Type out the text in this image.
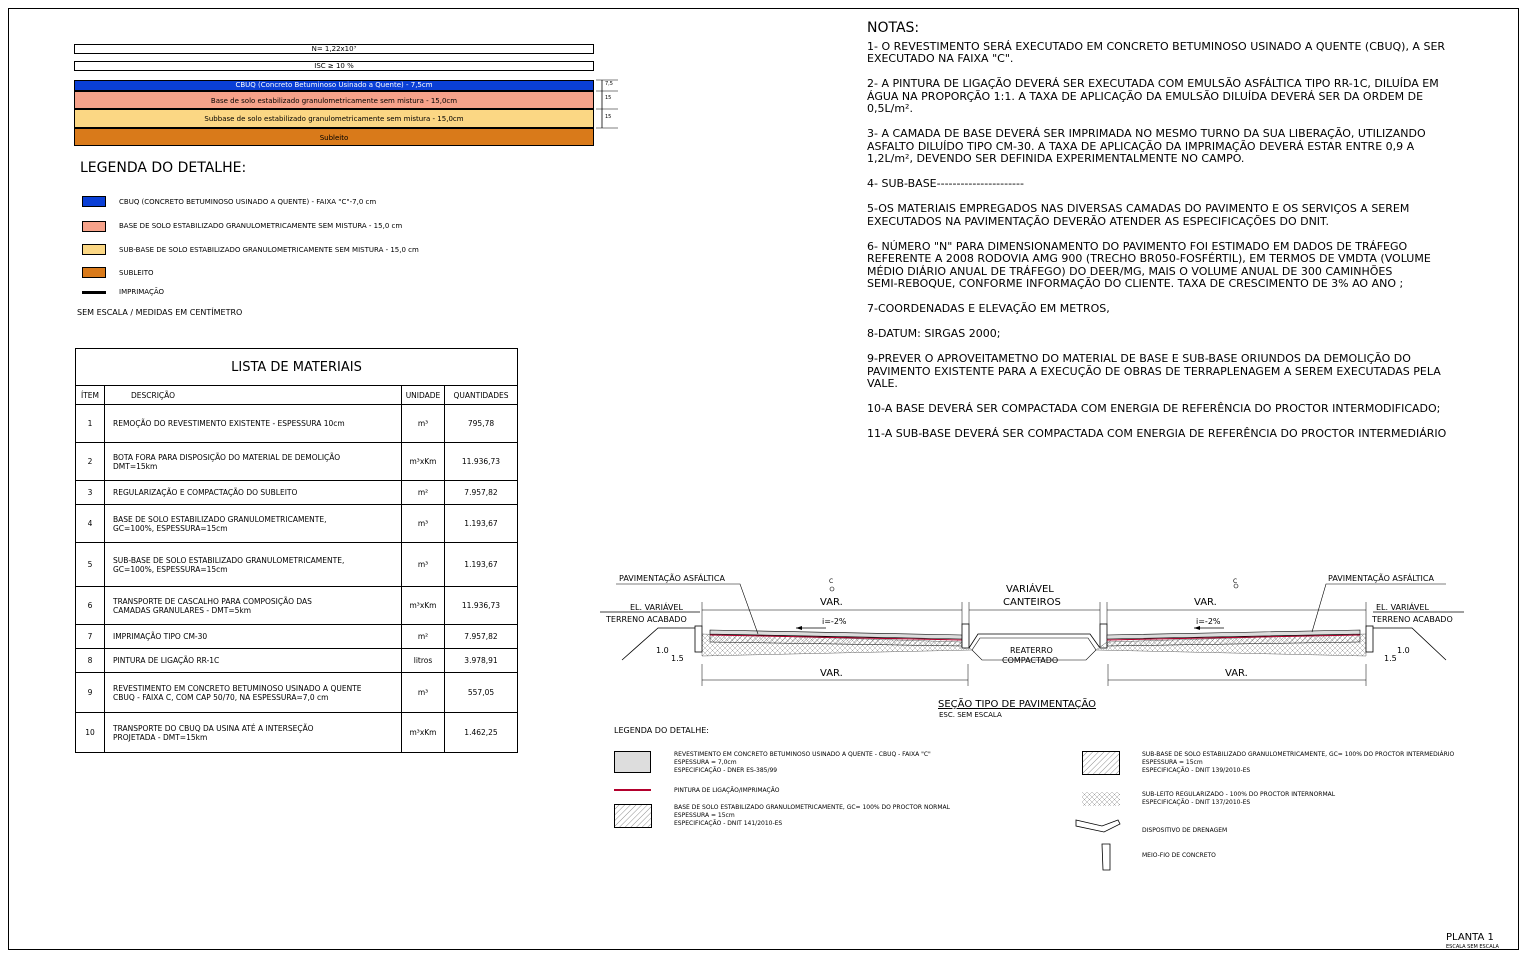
N= 1,22x10⁷
ISC ≥ 10 %
CBUQ (Concreto Betuminoso Usinado a Quente) - 7,5cm
Base de solo estabilizado granulometricamente sem mistura - 15,0cm
Subbase de solo estabilizado granulometricamente sem mistura - 15,0cm
Subleito
7,5
15
15
LEGENDA DO DETALHE:
CBUQ (CONCRETO BETUMINOSO USINADO A QUENTE) - FAIXA "C"-7,0 cm
BASE DE SOLO ESTABILIZADO GRANULOMETRICAMENTE SEM MISTURA - 15,0 cm
SUB-BASE DE SOLO ESTABILIZADO GRANULOMETRICAMENTE SEM MISTURA - 15,0 cm
SUBLEITO
IMPRIMAÇÃO
SEM ESCALA / MEDIDAS EM CENTÍMETRO
LISTA DE MATERIAIS			
ÍTEM	DESCRIÇÃO	UNIDADE	QUANTIDADES
1	REMOÇÃO DO REVESTIMENTO EXISTENTE - ESPESSURA 10cm	m³	795,78
2	BOTA FORA PARA DISPOSIÇÃO DO MATERIAL DE DEMOLIÇÃO
DMT=15km	m³xKm	11.936,73
3	REGULARIZAÇÃO E COMPACTAÇÃO DO SUBLEITO	m²	7.957,82
4	BASE DE SOLO ESTABILIZADO GRANULOMETRICAMENTE,
GC=100%, ESPESSURA=15cm	m³	1.193,67
5	SUB-BASE DE SOLO ESTABILIZADO GRANULOMETRICAMENTE,
GC=100%, ESPESSURA=15cm	m³	1.193,67
6	TRANSPORTE DE CASCALHO PARA COMPOSIÇÃO DAS
CAMADAS GRANULARES - DMT=5km	m³xKm	11.936,73
7	IMPRIMAÇÃO TIPO CM-30	m²	7.957,82
8	PINTURA DE LIGAÇÃO RR-1C	litros	3.978,91
9	REVESTIMENTO EM CONCRETO BETUMINOSO USINADO A QUENTE
CBUQ - FAIXA C, COM CAP 50/70, NA ESPESSURA=7,0 cm	m³	557,05
10	TRANSPORTE DO CBUQ DA USINA ATÉ A INTERSEÇÃO
PROJETADA - DMT=15km	m³xKm	1.462,25
NOTAS:

1- O REVESTIMENTO SERÁ EXECUTADO EM CONCRETO BETUMINOSO USINADO A QUENTE (CBUQ), A SER
EXECUTADO NA FAIXA "C".

2- A PINTURA DE LIGAÇÃO DEVERÁ SER EXECUTADA COM EMULSÃO ASFÁLTICA TIPO RR-1C, DILUÍDA EM
ÁGUA NA PROPORÇÃO 1:1. A TAXA DE APLICAÇÃO DA EMULSÃO DILUÍDA DEVERÁ SER DA ORDEM DE
0,5L/m².

3- A CAMADA DE BASE DEVERÁ SER IMPRIMADA NO MESMO TURNO DA SUA LIBERAÇÃO, UTILIZANDO
ASFALTO DILUÍDO TIPO CM-30. A TAXA DE APLICAÇÃO DA IMPRIMAÇÃO DEVERÁ ESTAR ENTRE 0,9 A
1,2L/m², DEVENDO SER DEFINIDA EXPERIMENTALMENTE NO CAMPO.

4- SUB-BASE----------------------

5-OS MATERIAIS EMPREGADOS NAS DIVERSAS CAMADAS DO PAVIMENTO E OS SERVIÇOS A SEREM
EXECUTADOS NA PAVIMENTAÇÃO DEVERÃO ATENDER AS ESPECIFICAÇÕES DO DNIT.

6- NÚMERO "N" PARA DIMENSIONAMENTO DO PAVIMENTO FOI ESTIMADO EM DADOS DE TRÁFEGO
REFERENTE A 2008 RODOVIA AMG 900 (TRECHO BR050-FOSFÉRTIL), EM TERMOS DE VMDTA (VOLUME
MÉDIO DIÁRIO ANUAL DE TRÁFEGO) DO DEER/MG, MAIS O VOLUME ANUAL DE 300 CAMINHÕES
SEMI-REBOQUE, CONFORME INFORMAÇÃO DO CLIENTE. TAXA DE CRESCIMENTO DE 3% AO ANO ;

7-COORDENADAS E ELEVAÇÃO EM METROS,

8-DATUM: SIRGAS 2000;

9-PREVER O APROVEITAMETNO DO MATERIAL DE BASE E SUB-BASE ORIUNDOS DA DEMOLIÇÃO DO
PAVIMENTO EXISTENTE PARA A EXECUÇÃO DE OBRAS DE TERRAPLENAGEM A SEREM EXECUTADAS PELA
VALE.

10-A BASE DEVERÁ SER COMPACTADA COM ENERGIA DE REFERÊNCIA DO PROCTOR INTERMODIFICADO;

11-A SUB-BASE DEVERÁ SER COMPACTADA COM ENERGIA DE REFERÊNCIA DO PROCTOR INTERMEDIÁRIO

PAVIMENTAÇÃO ASFÁLTICA	PAVIMENTAÇÃO ASFÁLTICA
C	C
VAR.	VAR.
VARIÁVEL
CANTEIROS
EL. VARIÁVEL
TERRENO ACABADO
EL. VARIÁVEL
TERRENO ACABADO
i=-2%	i=-2%
REATERRO
COMPACTADO
1.0
1.5
1.0
1.5
VAR.	VAR.
SEÇÃO TIPO DE PAVIMENTAÇÃO
ESC. SEM ESCALA
LEGENDA DO DETALHE:
REVESTIMENTO EM CONCRETO BETUMINOSO USINADO A QUENTE - CBUQ - FAIXA "C"
ESPESSURA = 7,0cm
ESPECIFICAÇÃO - DNER ES-385/99
PINTURA DE LIGAÇÃO/IMPRIMAÇÃO
BASE DE SOLO ESTABILIZADO GRANULOMETRICAMENTE, GC= 100% DO PROCTOR NORMAL
ESPESSURA = 15cm
ESPECIFICAÇÃO - DNIT 141/2010-ES
SUB-BASE DE SOLO ESTABILIZADO GRANULOMETRICAMENTE, GC= 100% DO PROCTOR INTERMEDIÁRIO
ESPESSURA = 15cm
ESPECIFICAÇÃO - DNIT 139/2010-ES
SUB-LEITO REGULARIZADO - 100% DO PROCTOR INTERNORMAL
ESPECIFICAÇÃO - DNIT 137/2010-ES
DISPOSITIVO DE DRENAGEM
MEIO-FIO DE CONCRETO
PLANTA 1
ESCALA SEM ESCALA
